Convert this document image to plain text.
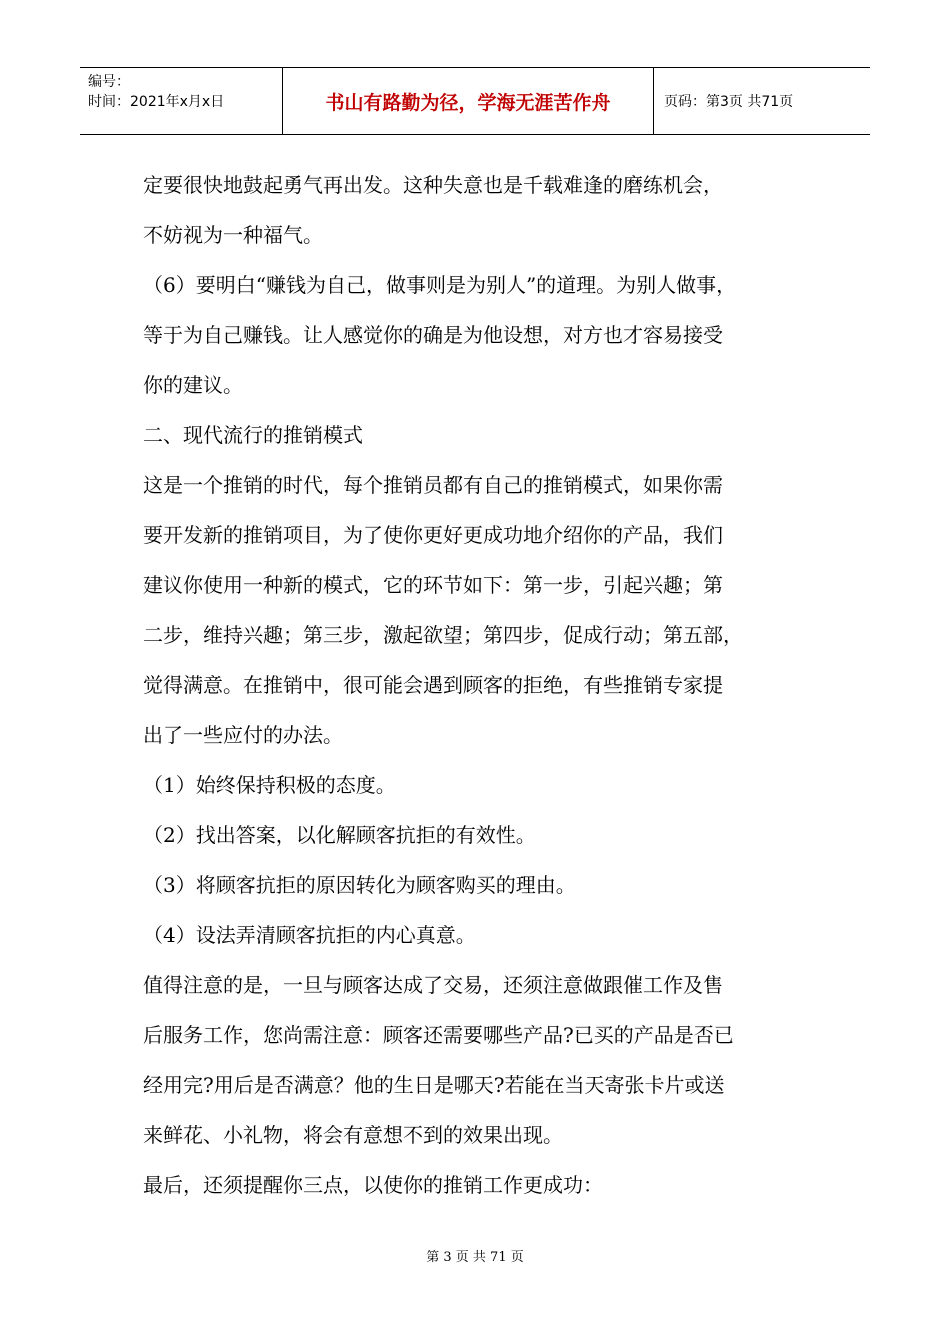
编号：
时间：2021年x月x日	书山有路勤为径，学海无涯苦作舟	页码：第3页 共71页

定要很快地鼓起勇气再出发。这种失意也是千载难逢的磨练机会，

不妨视为一种福气。

（6）要明白“赚钱为自己，做事则是为别人”的道理。为别人做事，

等于为自己赚钱。让人感觉你的确是为他设想，对方也才容易接受

你的建议。

二、现代流行的推销模式

这是一个推销的时代，每个推销员都有自己的推销模式，如果你需

要开发新的推销项目，为了使你更好更成功地介绍你的产品，我们

建议你使用一种新的模式，它的环节如下：第一步，引起兴趣；第

二步，维持兴趣；第三步，激起欲望；第四步，促成行动；第五部，

觉得满意。在推销中，很可能会遇到顾客的拒绝，有些推销专家提

出了一些应付的办法。

（1）始终保持积极的态度。

（2）找出答案，以化解顾客抗拒的有效性。

（3）将顾客抗拒的原因转化为顾客购买的理由。

（4）设法弄清顾客抗拒的内心真意。

值得注意的是，一旦与顾客达成了交易，还须注意做跟催工作及售

后服务工作，您尚需注意：顾客还需要哪些产品?已买的产品是否已

经用完?用后是否满意？他的生日是哪天?若能在当天寄张卡片或送

来鲜花、小礼物，将会有意想不到的效果出现。

最后，还须提醒你三点，以使你的推销工作更成功：

第 3 页 共 71 页
